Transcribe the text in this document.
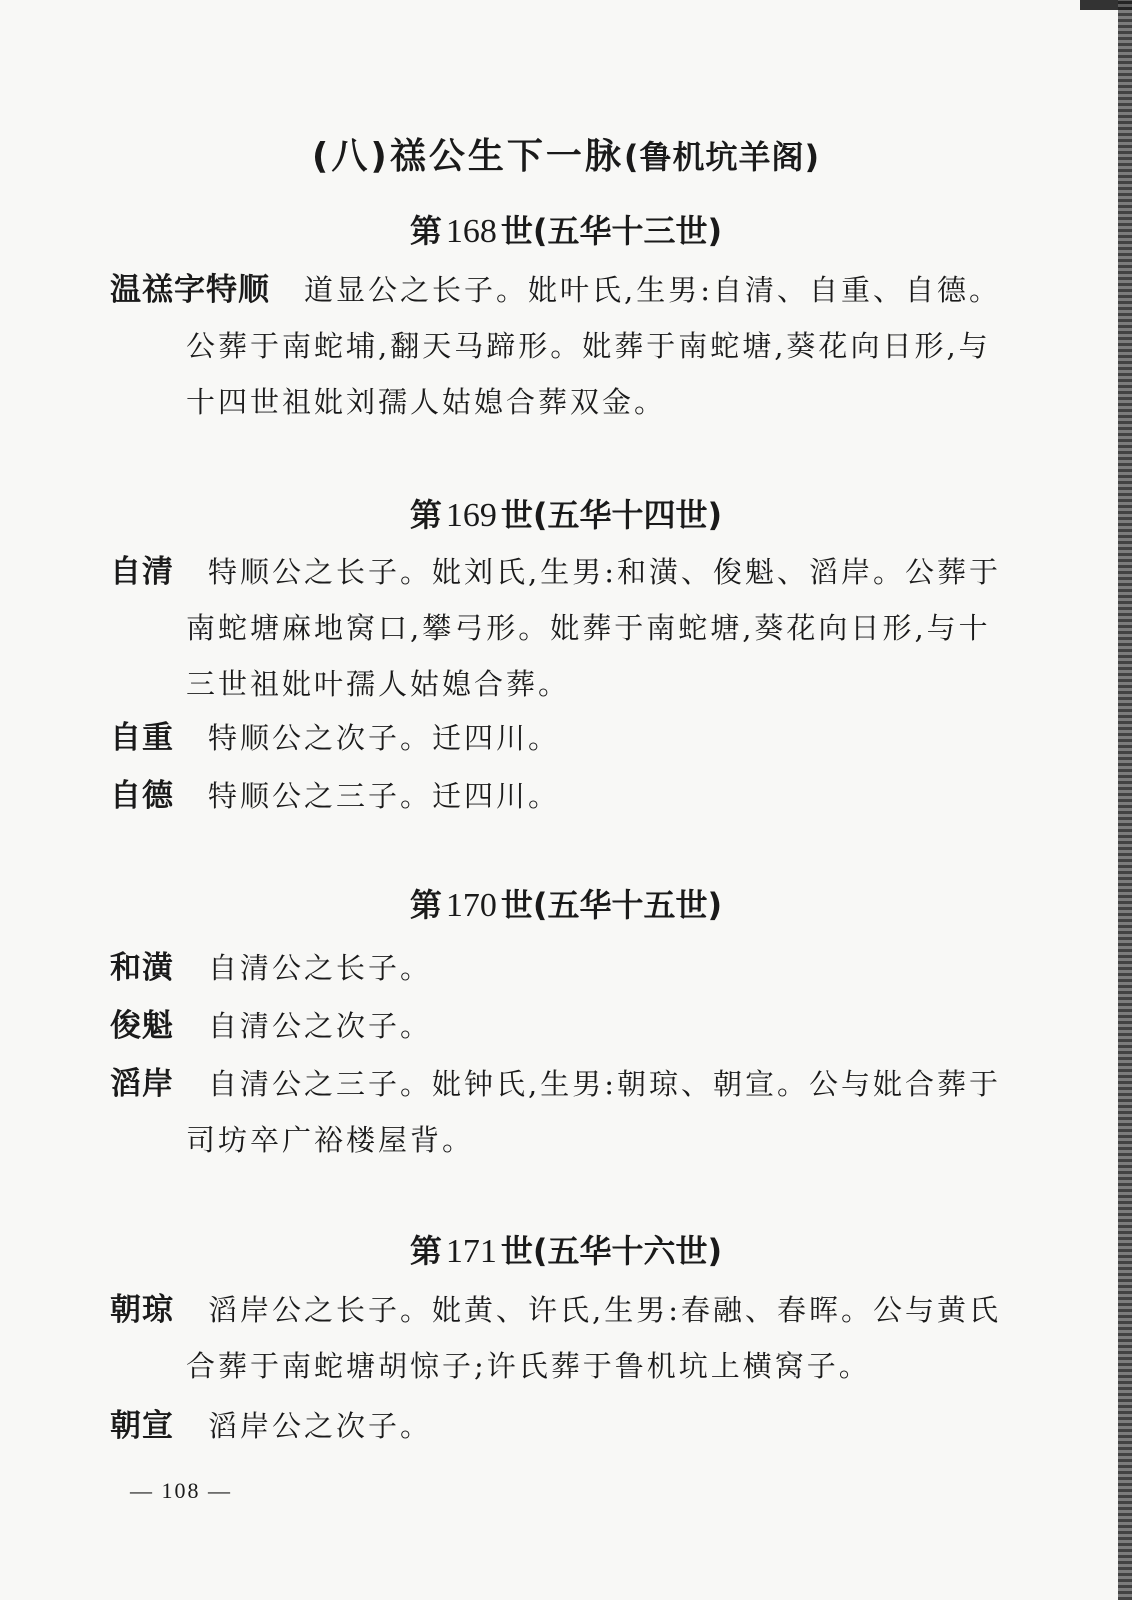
(八)禚公生下一脉(鲁机坑羊阁)
第 168 世(五华十三世)
温禚字特顺 道显公之长子。妣叶氏,生男:自清、自重、自德。
公葬于南蛇埔,翻天马蹄形。妣葬于南蛇塘,葵花向日形,与
十四世祖妣刘孺人姑媳合葬双金。
第 169 世(五华十四世)
自清 特顺公之长子。妣刘氏,生男:和潢、俊魁、滔岸。公葬于
南蛇塘麻地窝口,攀弓形。妣葬于南蛇塘,葵花向日形,与十
三世祖妣叶孺人姑媳合葬。
自重 特顺公之次子。迁四川。
自德 特顺公之三子。迁四川。
第 170 世(五华十五世)
和潢 自清公之长子。
俊魁 自清公之次子。
滔岸 自清公之三子。妣钟氏,生男:朝琼、朝宣。公与妣合葬于
司坊卒广裕楼屋背。
第 171 世(五华十六世)
朝琼 滔岸公之长子。妣黄、许氏,生男:春融、春晖。公与黄氏
合葬于南蛇塘胡惊子;许氏葬于鲁机坑上横窝子。
朝宣 滔岸公之次子。
— 108 —
